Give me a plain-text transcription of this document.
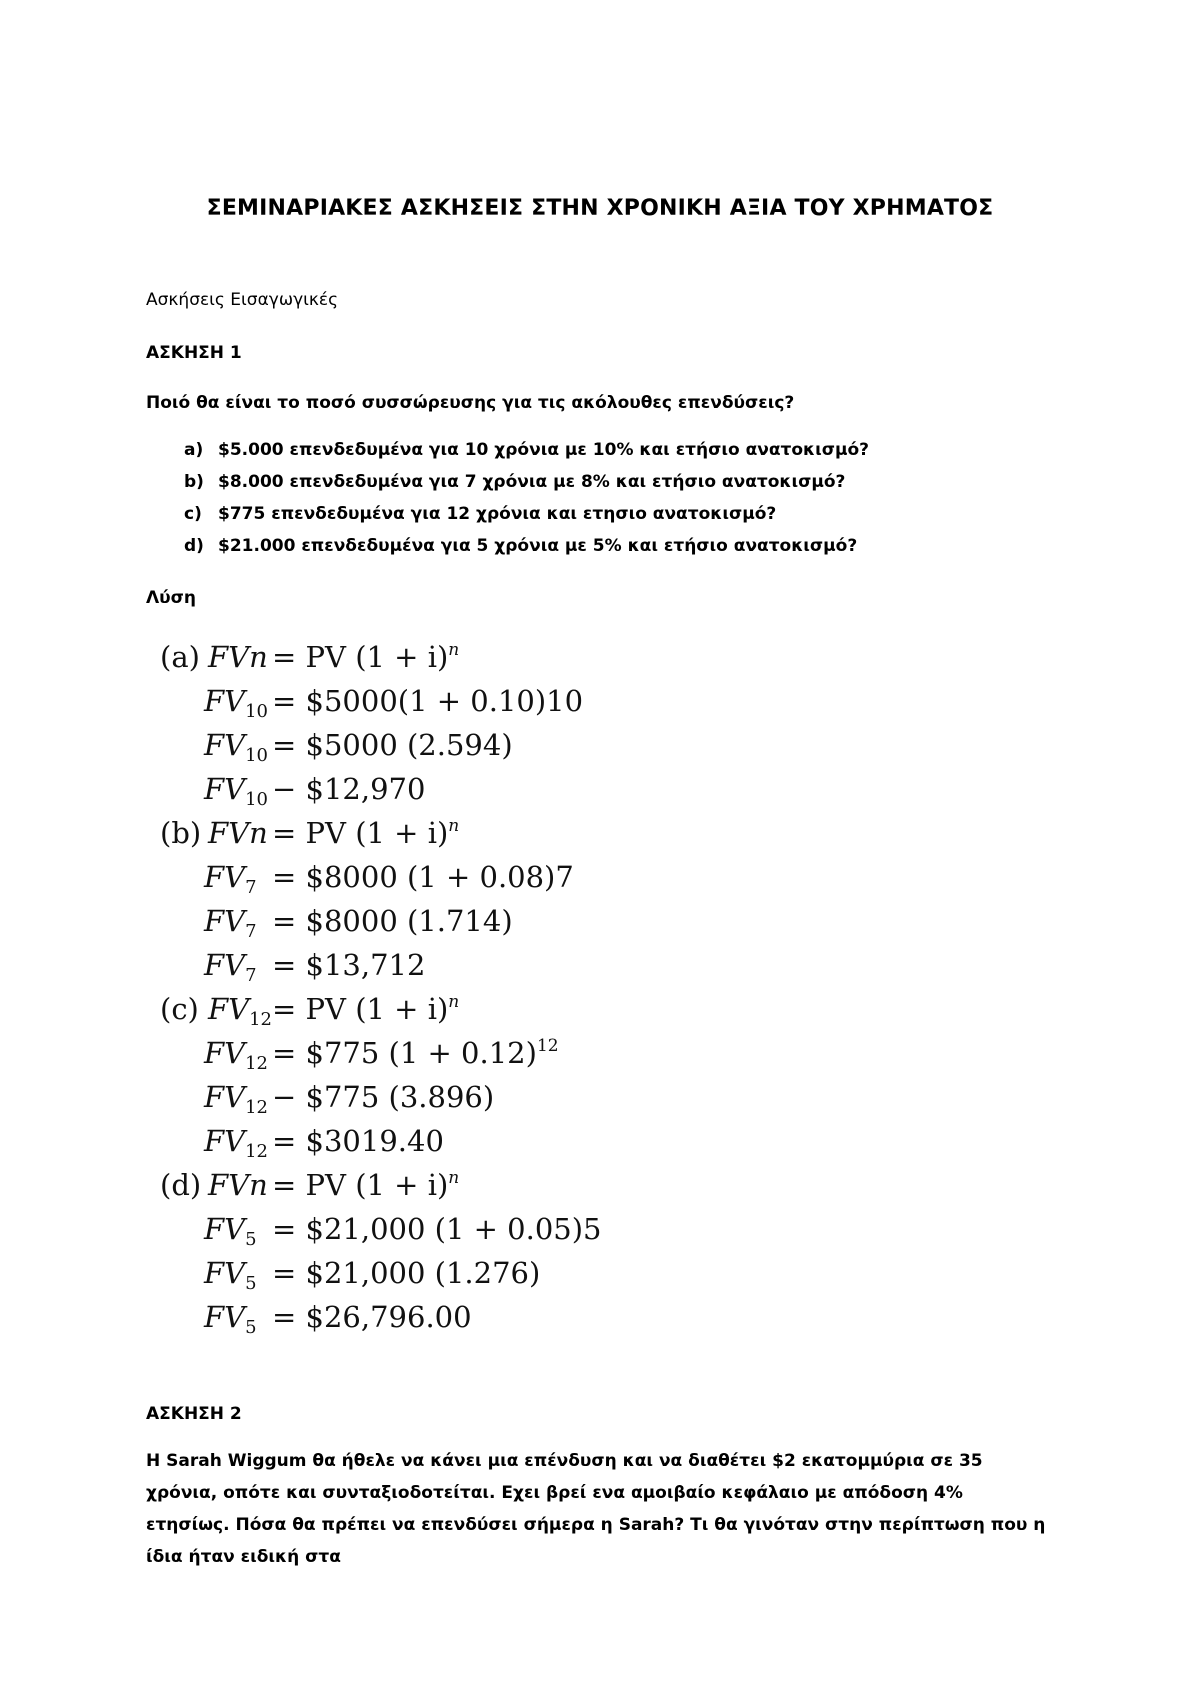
ΣΕΜΙΝΑΡΙΑΚΕΣ ΑΣΚΗΣΕΙΣ ΣΤΗΝ ΧΡΟΝΙΚΗ ΑΞΙΑ ΤΟΥ ΧΡΗΜΑΤΟΣ
Ασκήσεις Εισαγωγικές
ΑΣΚΗΣΗ 1
Ποιό θα είναι το ποσό συσσώρευσης για τις ακόλουθες επενδύσεις?
a) $5.000 επενδεδυμένα για 10 χρόνια με 10% και ετήσιο ανατοκισμό?
b) $8.000 επενδεδυμένα για 7 χρόνια με 8% και ετήσιο ανατοκισμό?
c) $775 επενδεδυμένα για 12 χρόνια και ετησιο ανατοκισμό?
d) $21.000 επενδεδυμένα για 5 χρόνια με 5% και ετήσιο ανατοκισμό?
Λύση
(a) FVn = PV $(1 + i)^n$
$FV_{10}$ = $5000(1 + 0.10)10
$FV_{10}$ = $5000 (2.594)
$FV_{10}$ − $12,970
(b) FVn = PV $(1 + i)^n$
$FV_7$ = $8000 (1 + 0.08)7
$FV_7$ = $8000 (1.714)
$FV_7$ = $13,712
(c) $FV_{12}$ = PV $(1 + i)^n$
$FV_{12}$ = $775 $(1 + 0.12)^{12}$
$FV_{12}$ − $775 (3.896)
$FV_{12}$ = $3019.40
(d) FVn = PV $(1 + i)^n$
$FV_5$ = $21,000 (1 + 0.05)5
$FV_5$ = $21,000 (1.276)
$FV_5$ = $26,796.00
ΑΣΚΗΣΗ 2
Η Sarah Wiggum θα ήθελε να κάνει μια επένδυση και να διαθέτει $2 εκατομμύρια σε 35 χρόνια, οπότε και συνταξιοδοτείται. Εχει βρεί ενα αμοιβαίο κεφάλαιο με απόδοση 4% ετησίως. Πόσα θα πρέπει να επενδύσει σήμερα η Sarah? Τι θα γινόταν στην περίπτωση που η ίδια ήταν ειδική στα
